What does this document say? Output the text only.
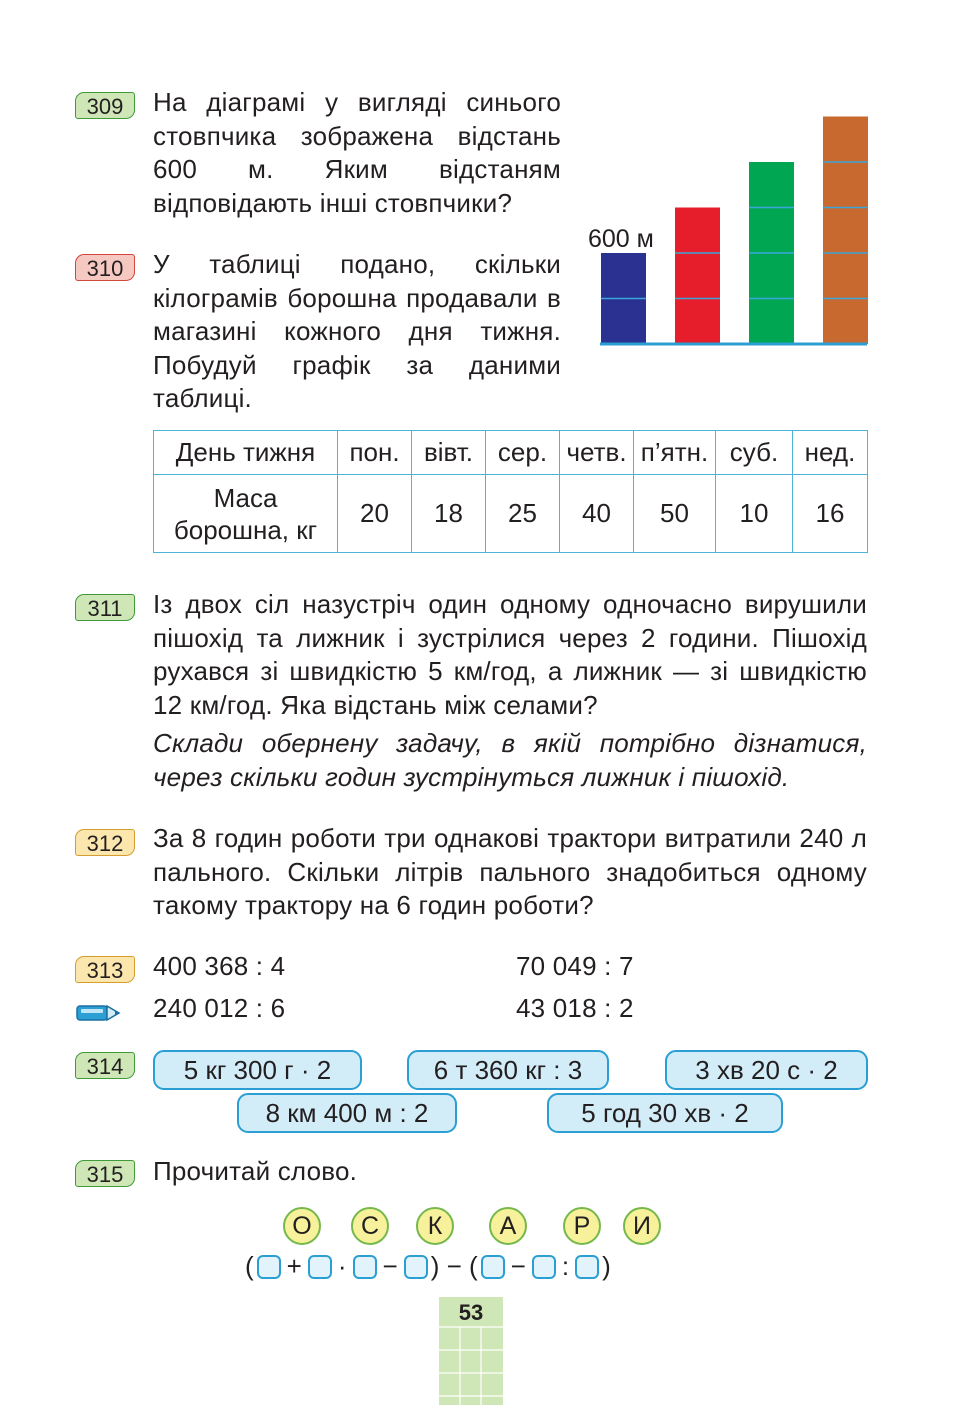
309	На діаграмі у вигляді синього стовпчика зображена відстань 600 м. Яким відстаням відповідають інші стовпчики?
600 м
310	У таблиці подано, скільки кілограмів борошна продавали в магазині кожного дня тижня. Побудуй графік за даними таблиці.
День тижня	пон.	вівт.	сер.	четв.	п’ятн.	суб.	нед.
Маса борошна, кг	20	18	25	40	50	10	16
311	Із двох сіл назустріч один одному одночасно вирушили пішохід та лижник і зустрілися через 2 години. Пішохід рухався зі швидкістю 5 км/год, а лижник — зі швидкістю 12 км/год. Яка відстань між селами?
Склади обернену задачу, в якій потрібно дізнатися, через скільки годин зустрінуться лижник і пішохід.
312	За 8 годин роботи три однакові трактори витратили 240 л пального. Скільки літрів пального знадобиться одному такому трактору на 6 годин роботи?
313	400 368 : 4	70 049 : 7
240 012 : 6	43 018 : 2
314	5 кг 300 г · 2	6 т 360 кг : 3	3 хв 20 с · 2
8 км 400 м : 2	5 год 30 хв · 2
315	Прочитай слово.
О	С	К	А	Р	И
( + · − ) − ( − : )
53
